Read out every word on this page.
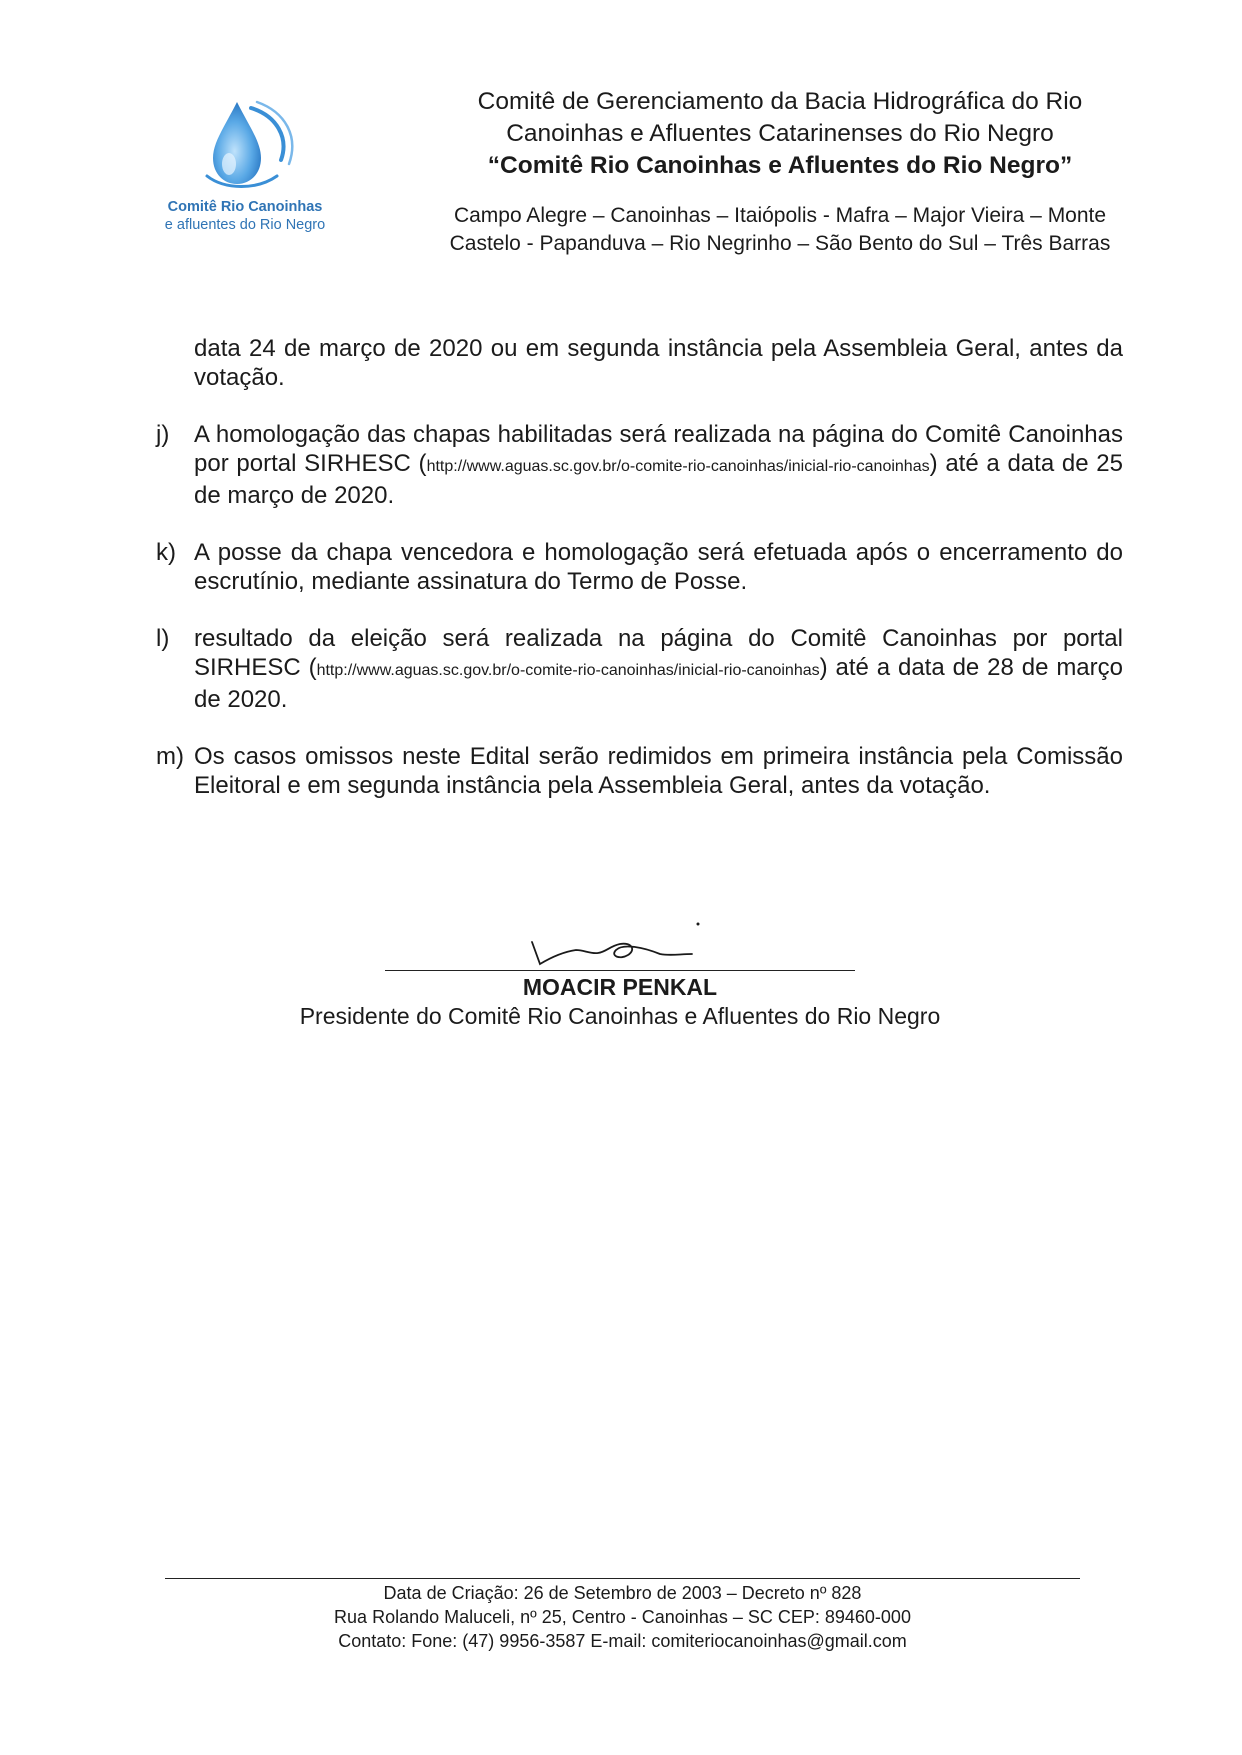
Comitê Rio Canoinhas
e afluentes do Rio Negro
Comitê de Gerenciamento da Bacia Hidrográfica do Rio
Canoinhas e Afluentes Catarinenses do Rio Negro
“Comitê Rio Canoinhas e Afluentes do Rio Negro”
Campo Alegre – Canoinhas – Itaiópolis - Mafra – Major Vieira – Monte
Castelo - Papanduva – Rio Negrinho – São Bento do Sul – Três Barras
data 24 de março de 2020 ou em segunda instância pela Assembleia Geral, antes da votação.
j)	A homologação das chapas habilitadas será realizada na página do Comitê Canoinhas por portal SIRHESC (http://www.aguas.sc.gov.br/o-comite-rio-canoinhas/inicial-rio-canoinhas) até a data de 25 de março de 2020.
k) A posse da chapa vencedora e homologação será efetuada após o encerramento do escrutínio, mediante assinatura do Termo de Posse.
l)	resultado da eleição será realizada na página do Comitê Canoinhas por portal SIRHESC (http://www.aguas.sc.gov.br/o-comite-rio-canoinhas/inicial-rio-canoinhas) até a data de 28 de março de 2020.
m) Os casos omissos neste Edital serão redimidos em primeira instância pela Comissão Eleitoral e em segunda instância pela Assembleia Geral, antes da votação.
MOACIR PENKAL
Presidente do Comitê Rio Canoinhas e Afluentes do Rio Negro
Data de Criação: 26 de Setembro de 2003 – Decreto nº 828
Rua Rolando Maluceli, nº 25, Centro - Canoinhas – SC CEP: 89460-000
Contato: Fone: (47) 9956-3587 E-mail: comiteriocanoinhas@gmail.com
